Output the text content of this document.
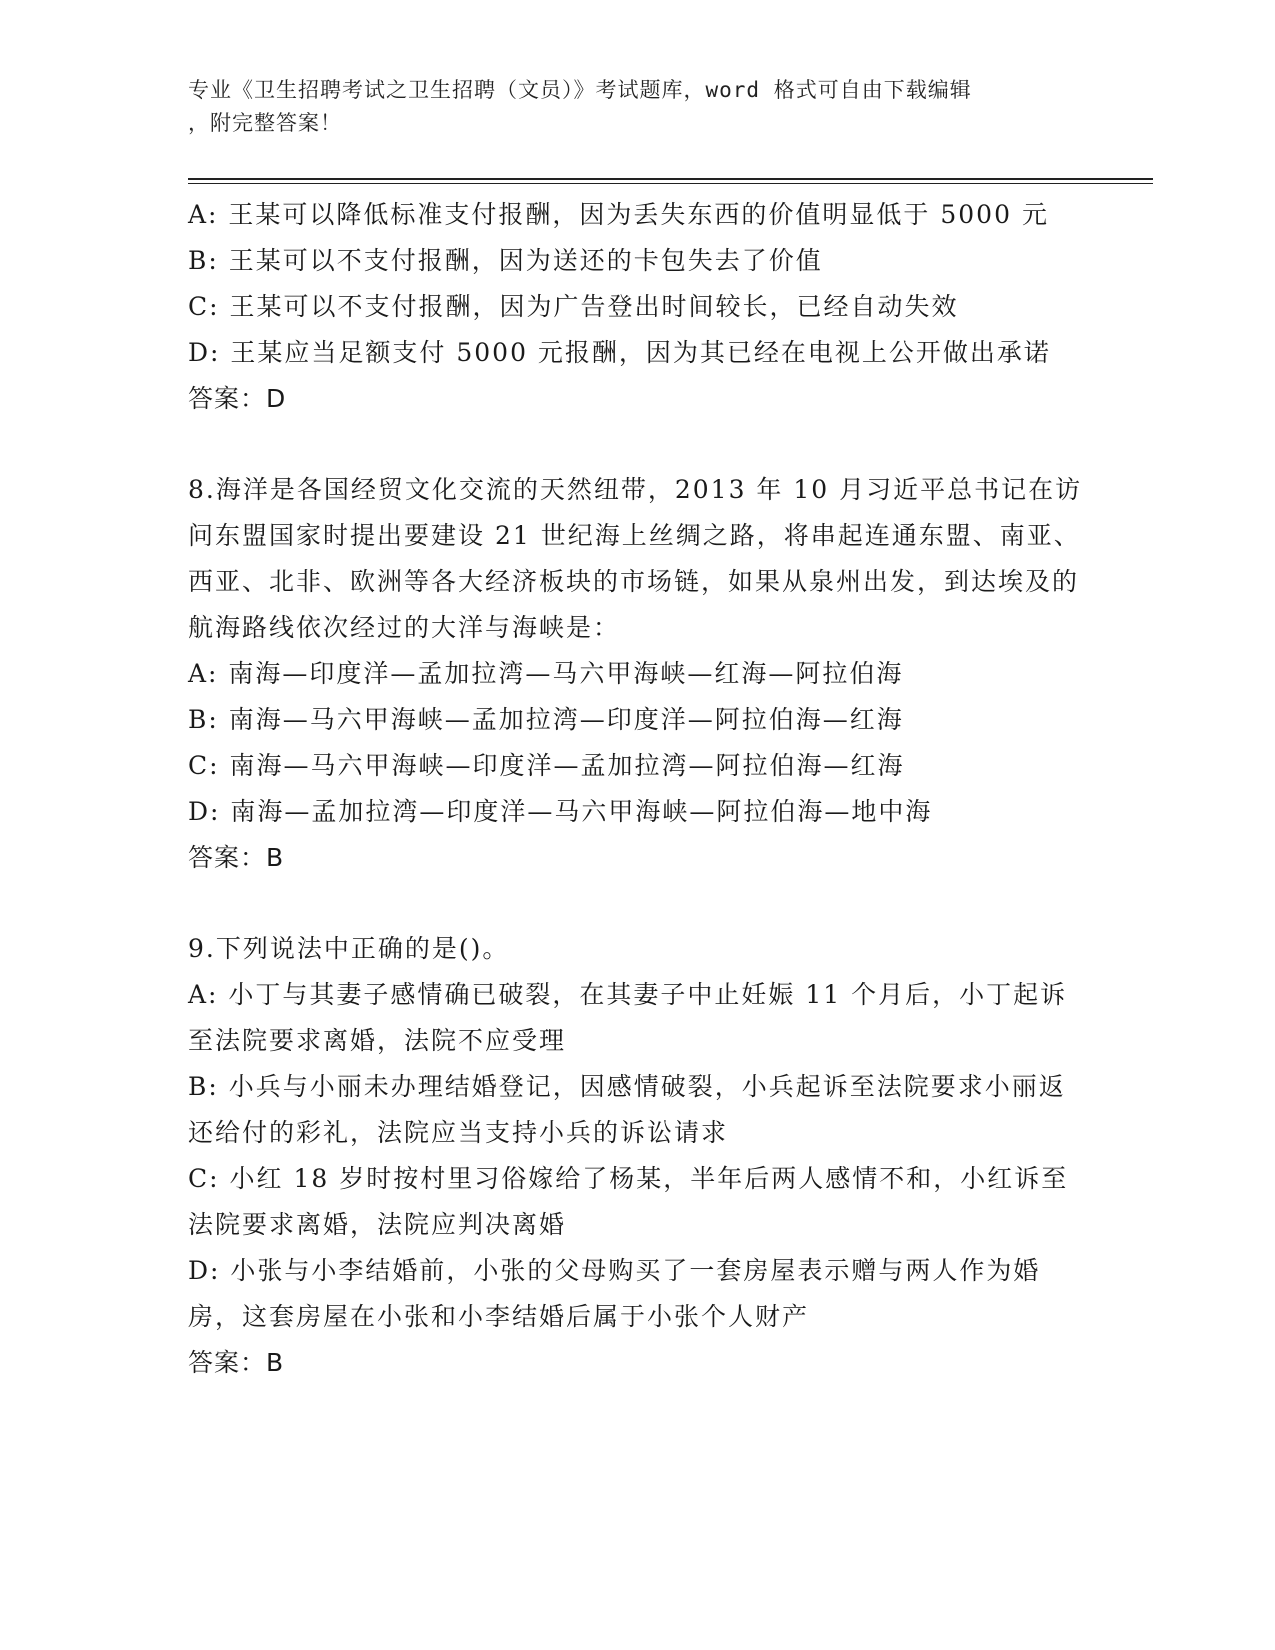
专业《卫生招聘考试之卫生招聘（文员）》考试题库，word 格式可自由下载编辑
，附完整答案！

A: 王某可以降低标准支付报酬，因为丢失东西的价值明显低于 5000 元

B: 王某可以不支付报酬，因为送还的卡包失去了价值

C: 王某可以不支付报酬，因为广告登出时间较长，已经自动失效

D: 王某应当足额支付 5000 元报酬，因为其已经在电视上公开做出承诺

答案：D

8.海洋是各国经贸文化交流的天然纽带，2013 年 10 月习近平总书记在访问东盟国家时提出要建设 21 世纪海上丝绸之路，将串起连通东盟、南亚、西亚、北非、欧洲等各大经济板块的市场链，如果从泉州出发，到达埃及的航海路线依次经过的大洋与海峡是：

A: 南海—印度洋—孟加拉湾—马六甲海峡—红海—阿拉伯海

B: 南海—马六甲海峡—孟加拉湾—印度洋—阿拉伯海—红海

C: 南海—马六甲海峡—印度洋—孟加拉湾—阿拉伯海—红海

D: 南海—孟加拉湾—印度洋—马六甲海峡—阿拉伯海—地中海

答案：B

9.下列说法中正确的是()。

A: 小丁与其妻子感情确已破裂，在其妻子中止妊娠 11 个月后，小丁起诉至法院要求离婚，法院不应受理

B: 小兵与小丽未办理结婚登记，因感情破裂，小兵起诉至法院要求小丽返还给付的彩礼，法院应当支持小兵的诉讼请求

C: 小红 18 岁时按村里习俗嫁给了杨某，半年后两人感情不和，小红诉至法院要求离婚，法院应判决离婚

D: 小张与小李结婚前，小张的父母购买了一套房屋表示赠与两人作为婚房，这套房屋在小张和小李结婚后属于小张个人财产

答案：B
